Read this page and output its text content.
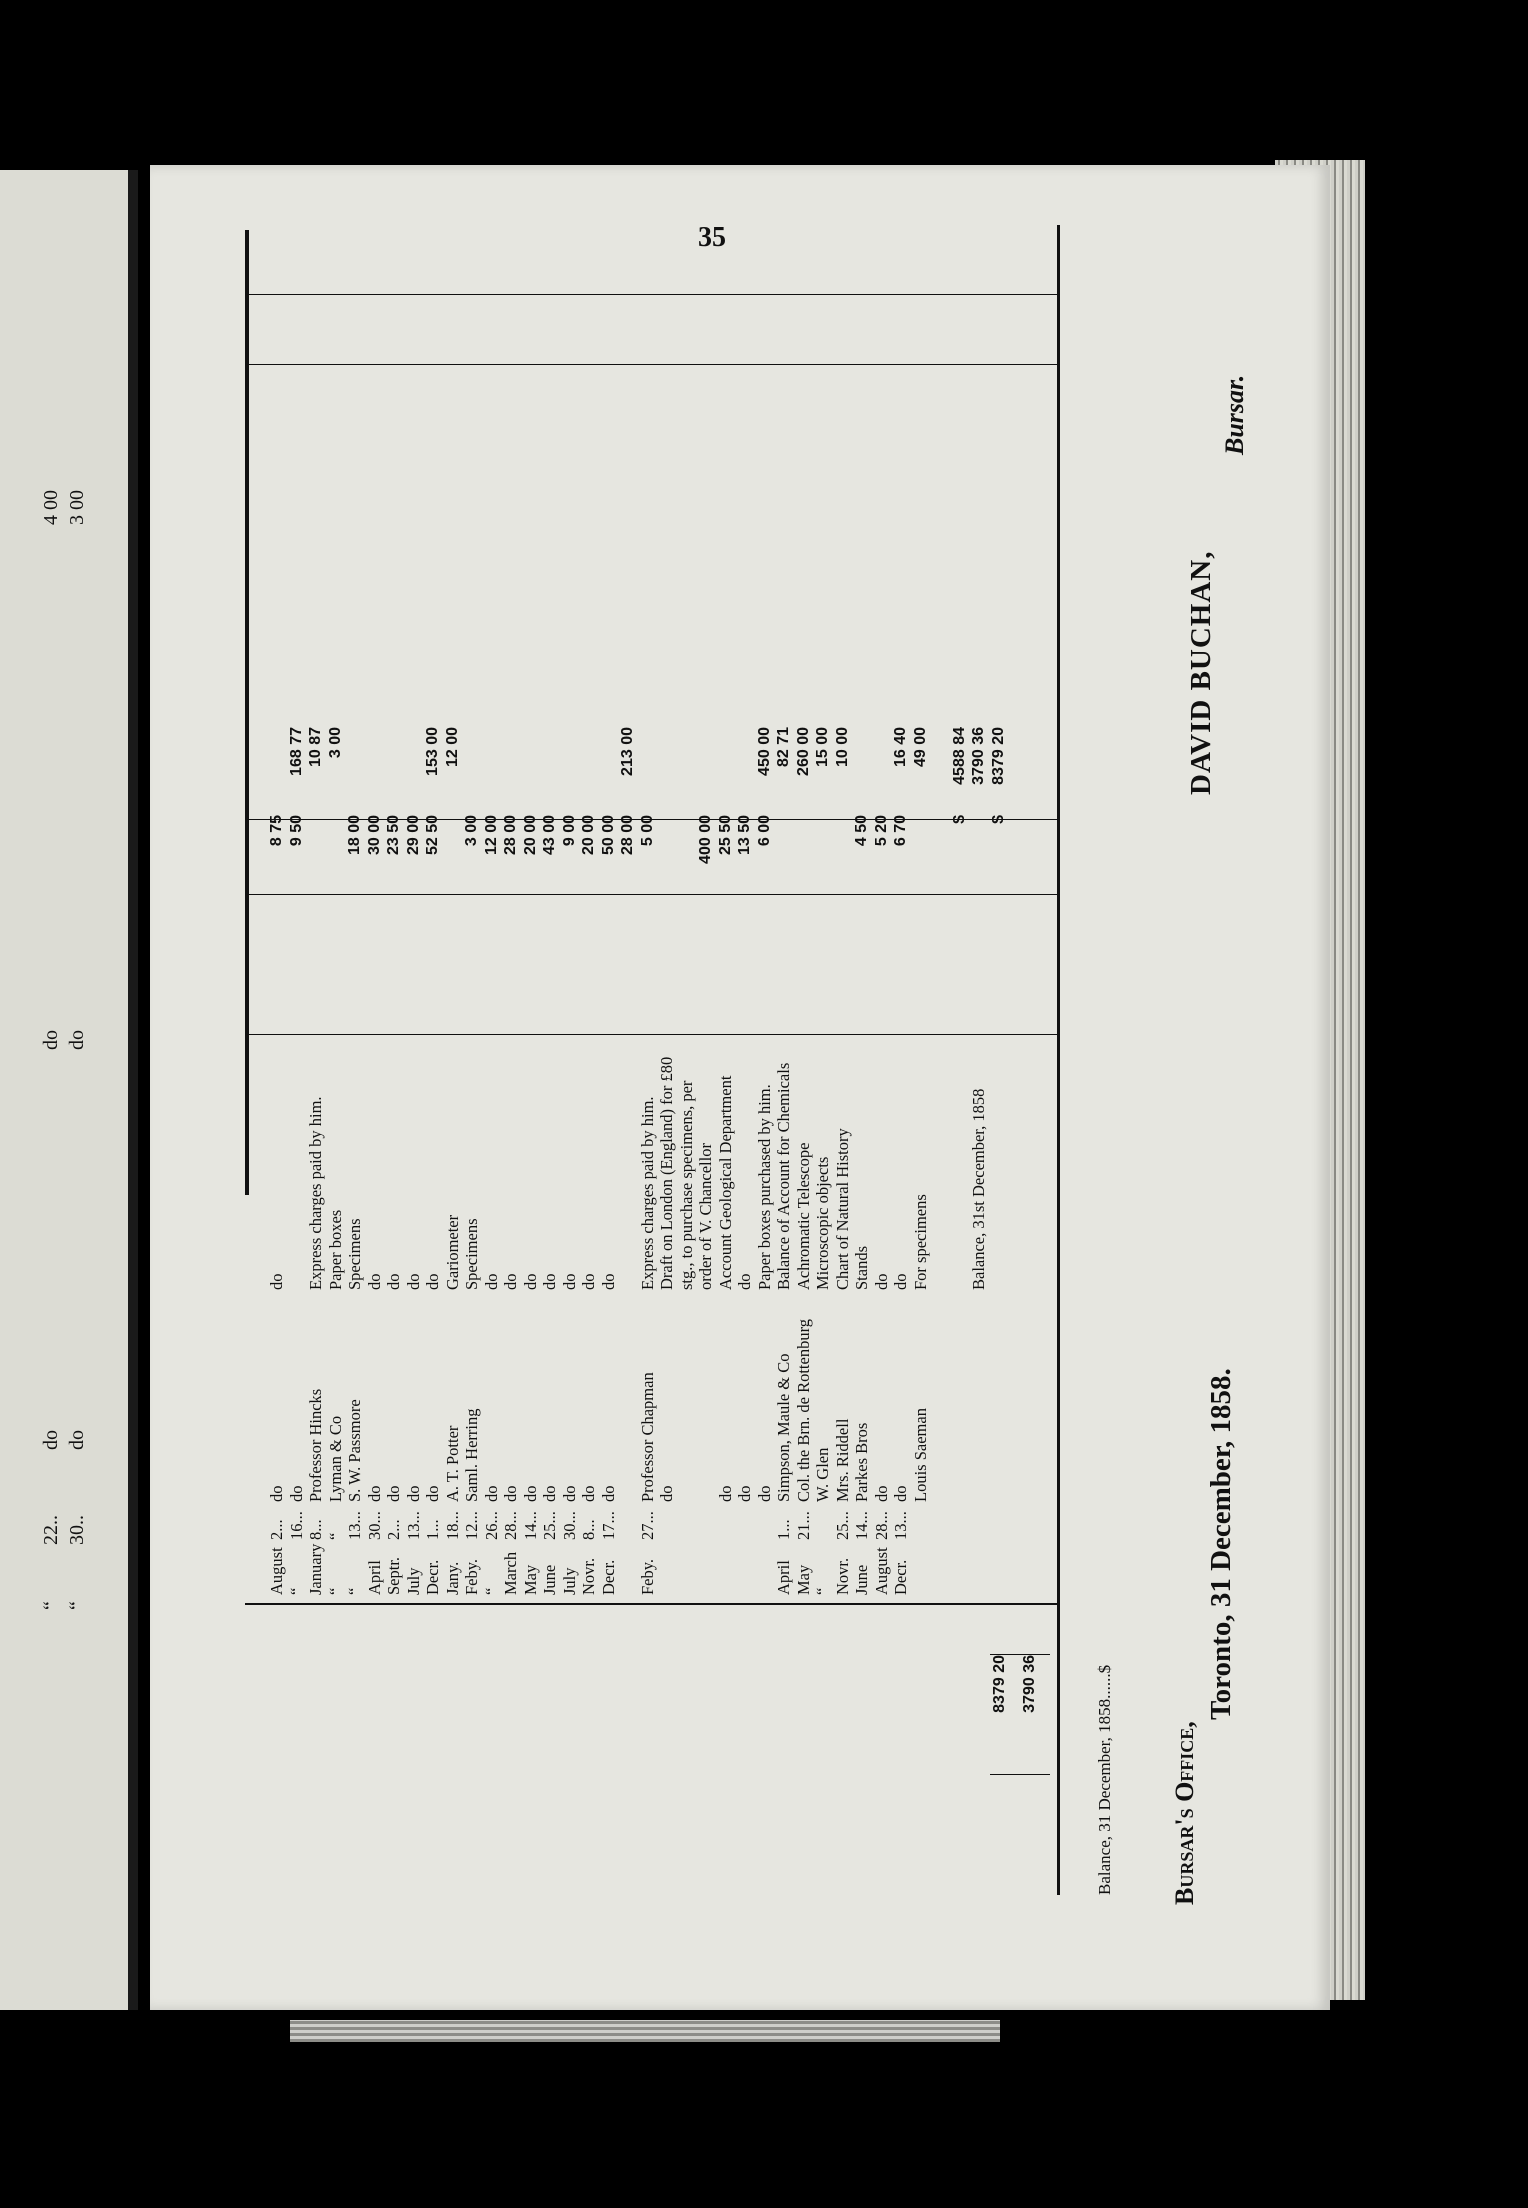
4 00 3 00
do do
do do
22.. 30..
“ “
35
8379 20 3790 36
August
2...
do
do
8 75
“
16...
do
9 50
168 77
January
8...
Professor Hincks
Express charges paid by him.
10 87
“
“
Lyman & Co
Paper boxes
3 00
“
13...
S. W. Passmore
Specimens
18 00
April
30...
do
do
30 00
Septr.
2...
do
do
23 50
July
13...
do
do
29 00
Decr.
1...
do
do
52 50
153 00
Jany.
18...
A. T. Potter
Gariometer
12 00
Feby.
12...
Saml. Herring
Specimens
3 00
“
26...
do
do
12 00
March
28...
do
do
28 00
May
14...
do
do
20 00
June
25...
do
do
43 00
July
30...
do
do
9 00
Novr.
8...
do
do
20 00
Decr.
17...
do
do
50 00 28 00
213 00
Feby.
27...
Professor Chapman
Express charges paid by him.
5 00
do
Draft on London (England) for £80 stg., to purchase specimens, per order of V. Chancellor
400 00
do
Account Geological Department
25 50
do
do
13 50
do
Paper boxes purchased by him.
6 00
450 00
April
1...
Simpson, Maule & Co
Balance of Account for Chemicals
82 71
May
21...
Col. the Brn. de Rottenburg
Achromatic Telescope
260 00
“
W. Glen
Microscopic objects
15 00
Novr.
25...
Mrs. Riddell
Chart of Natural History
10 00
June
14...
Parkes Bros
Stands
4 50
August
28...
do
do
5 20
Decr.
13...
do
do
6 70
16 40
Louis Saeman
For specimens
49 00
$
4588 84
Balance, 31st December, 1858
3790 36
$
8379 20
Balance, 31 December, 1858......$ Bursar's Office,
Toronto, 31 December, 1858.
DAVID BUCHAN,
Bursar.
